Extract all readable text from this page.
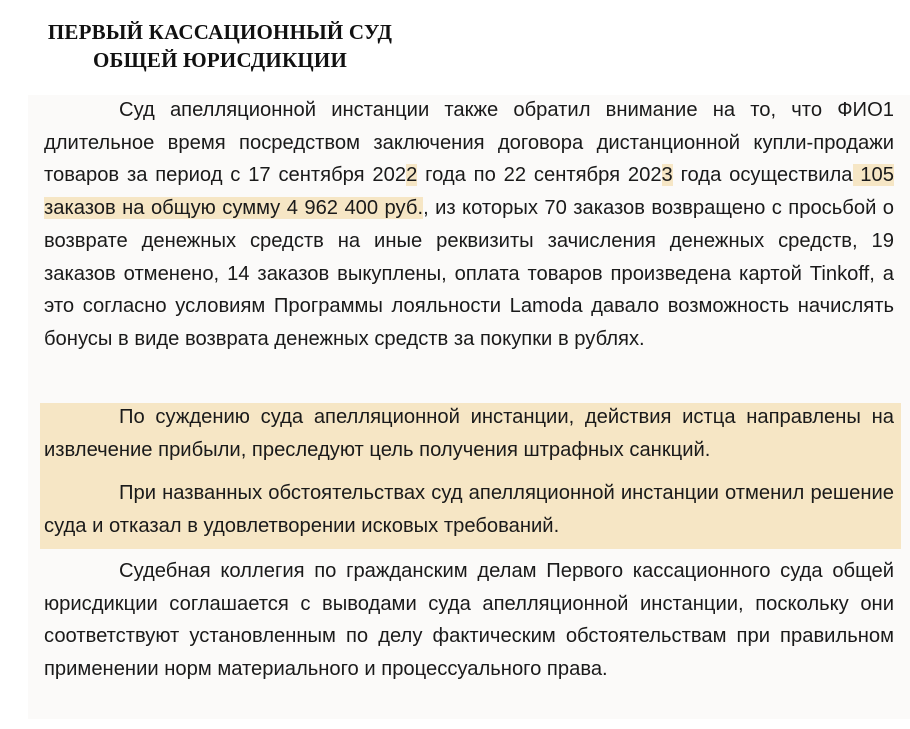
ПЕРВЫЙ КАССАЦИОННЫЙ СУД
ОБЩЕЙ ЮРИСДИКЦИИ

Суд апелляционной инстанции также обратил внимание на то, что ФИО1 длительное время посредством заключения договора дистанционной купли-продажи товаров за период с 17 сентября 2022 года по 22 сентября 2023 года осуществила 105 заказов на общую сумму 4 962 400 руб., из которых 70 заказов возвращено с просьбой о возврате денежных средств на иные реквизиты зачисления денежных средств, 19 заказов отменено, 14 заказов выкуплены, оплата товаров произведена картой Tinkoff, а это согласно условиям Программы лояльности Lamoda давало возможность начислять бонусы в виде возврата денежных средств за покупки в рублях.

По суждению суда апелляционной инстанции, действия истца направлены на извлечение прибыли, преследуют цель получения штрафных санкций.

При названных обстоятельствах суд апелляционной инстанции отменил решение суда и отказал в удовлетворении исковых требований.

Судебная коллегия по гражданским делам Первого кассационного суда общей юрисдикции соглашается с выводами суда апелляционной инстанции, поскольку они соответствуют установленным по делу фактическим обстоятельствам при правильном применении норм материального и процессуального права.
